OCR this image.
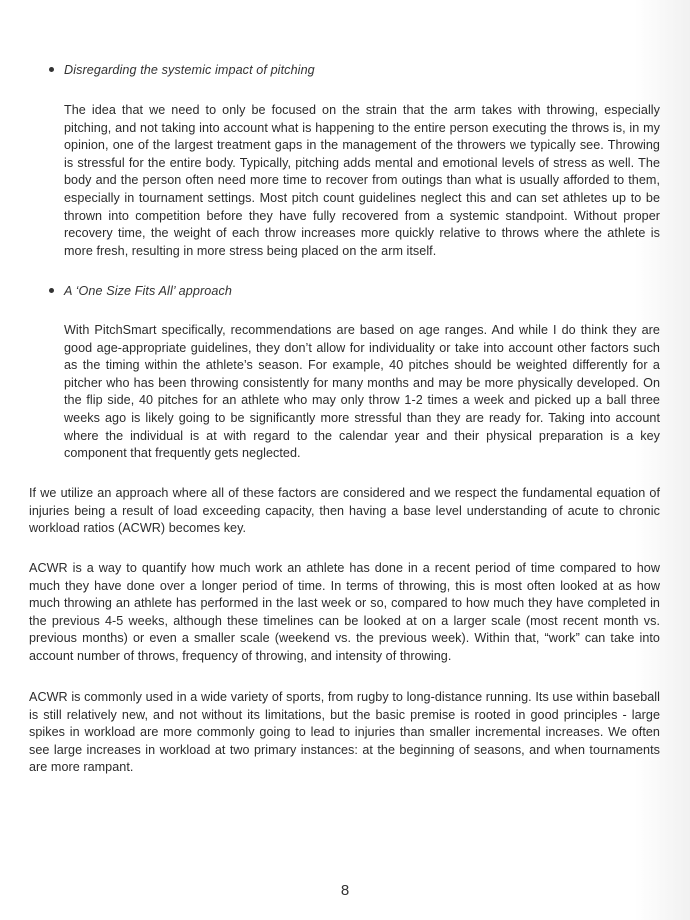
Disregarding the systemic impact of pitching

The idea that we need to only be focused on the strain that the arm takes with throwing, especially pitching, and not taking into account what is happening to the entire person executing the throws is, in my opinion, one of the largest treatment gaps in the management of the throwers we typically see. Throwing is stressful for the entire body. Typically, pitching adds mental and emotional levels of stress as well. The body and the person often need more time to recover from outings than what is usually afforded to them, especially in tournament settings. Most pitch count guidelines neglect this and can set athletes up to be thrown into competition before they have fully recovered from a systemic standpoint. Without proper recovery time, the weight of each throw increases more quickly relative to throws where the athlete is more fresh, resulting in more stress being placed on the arm itself.

A ‘One Size Fits All’ approach

With PitchSmart specifically, recommendations are based on age ranges. And while I do think they are good age-appropriate guidelines, they don’t allow for individuality or take into account other factors such as the timing within the athlete’s season. For example, 40 pitches should be weighted differently for a pitcher who has been throwing consistently for many months and may be more physically developed. On the flip side, 40 pitches for an athlete who may only throw 1-2 times a week and picked up a ball three weeks ago is likely going to be significantly more stressful than they are ready for. Taking into account where the individual is at with regard to the calendar year and their physical preparation is a key component that frequently gets neglected.

If we utilize an approach where all of these factors are considered and we respect the fundamental equation of injuries being a result of load exceeding capacity, then having a base level understanding of acute to chronic workload ratios (ACWR) becomes key.

ACWR is a way to quantify how much work an athlete has done in a recent period of time compared to how much they have done over a longer period of time. In terms of throwing, this is most often looked at as how much throwing an athlete has performed in the last week or so, compared to how much they have completed in the previous 4-5 weeks, although these timelines can be looked at on a larger scale (most recent month vs. previous months) or even a smaller scale (weekend vs. the previous week). Within that, “work” can take into account number of throws, frequency of throwing, and intensity of throwing.

ACWR is commonly used in a wide variety of sports, from rugby to long-distance running. Its use within baseball is still relatively new, and not without its limitations, but the basic premise is rooted in good principles - large spikes in workload are more commonly going to lead to injuries than smaller incremental increases. We often see large increases in workload at two primary instances: at the beginning of seasons, and when tournaments are more rampant.

8
